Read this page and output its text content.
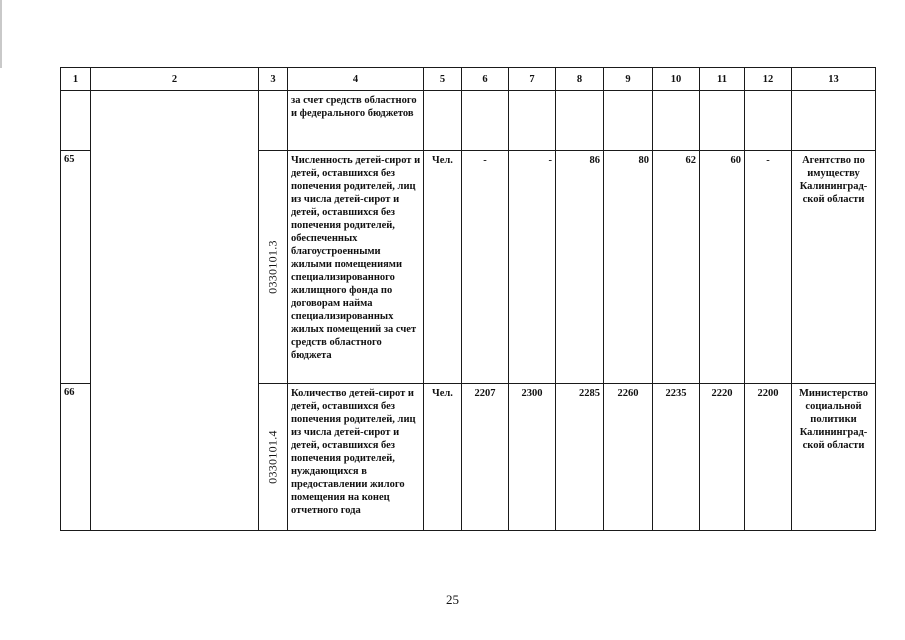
1	2	3	4	5	6	7	8	9	10	11	12	13
			за счет средств областного и федерального бюджетов									
65		0330101.3	Численность детей-сирот и детей, оставшихся без попечения родителей, лиц из числа детей-сирот и детей, оставшихся без попечения родителей, обеспеченных благоустроенными жилыми помещениями специализированного жилищного фонда по договорам найма специализированных жилых помещений за счет средств областного бюджета	Чел.	-	-	86	80	62	60	-	Агентство по имуществу Калининград-ской области
66		0330101.4	Количество детей-сирот и детей, оставшихся без попечения родителей, лиц из числа детей-сирот и детей, оставшихся без попечения родителей, нуждающихся в предоставлении жилого помещения на конец отчетного года	Чел.	2207	2300	2285	2260	2235	2220	2200	Министерство социальной политики Калининград-ской области
25
